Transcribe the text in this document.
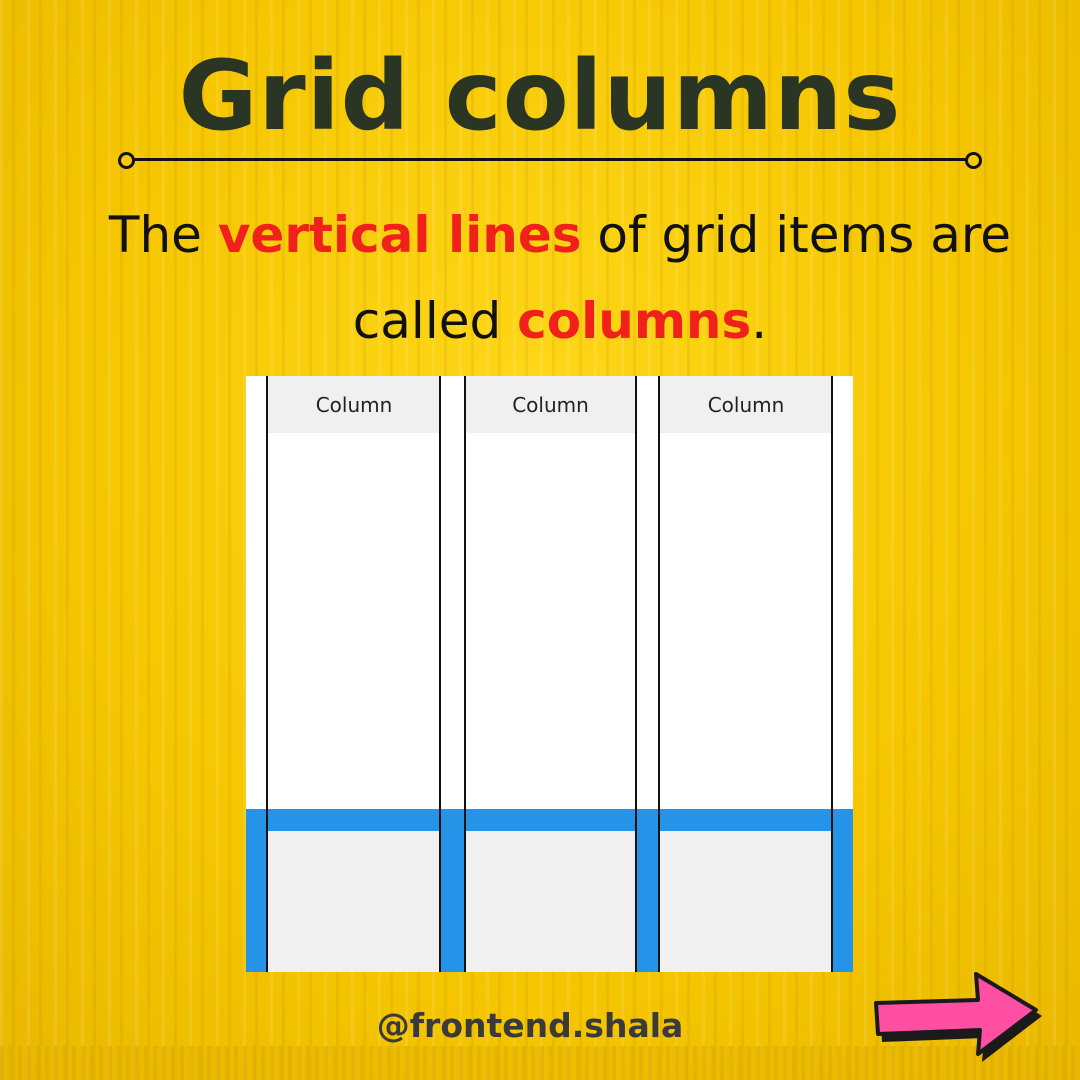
Grid columns

The vertical lines of grid items are called columns.

Column	Column	Column
@frontend.shala
